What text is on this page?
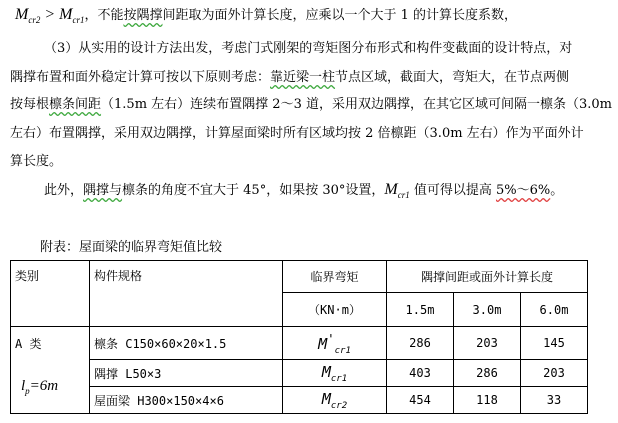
$M_{cr2} > M_{cr1}$，不能按隅撑间距取为面外计算长度，应乘以一个大于 1 的计算长度系数，
（3）从实用的设计方法出发，考虑门式刚架的弯矩图分布形式和构件变截面的设计特点，对
隅撑布置和面外稳定计算可按以下原则考虑：靠近梁一柱节点区域，截面大，弯矩大，在节点两侧
按每根檩条间距（1.5m 左右）连续布置隅撑 2～3 道，采用双边隅撑，在其它区域可间隔一檩条（3.0m
左右）布置隅撑，采用双边隅撑，计算屋面梁时所有区域均按 2 倍檩距（3.0m 左右）作为平面外计
算长度。
此外，隅撑与檩条的角度不宜大于 45°，如果按 30°设置，$M_{cr1}$ 值可得以提高 5%～6%。
附表：屋面梁的临界弯矩值比较
类别	构件规格	临界弯矩	隅撑间距或面外计算长度		
		（KN·m）	1.5m	3.0m	6.0m
A 类
$l_p=6m$	檩条 C150×60×20×1.5	$M'_{cr1}$	286	203	145
	隅撑 L50×3	$M_{cr1}$	403	286	203
	屋面梁 H300×150×4×6	$M_{cr2}$	454	118	33
